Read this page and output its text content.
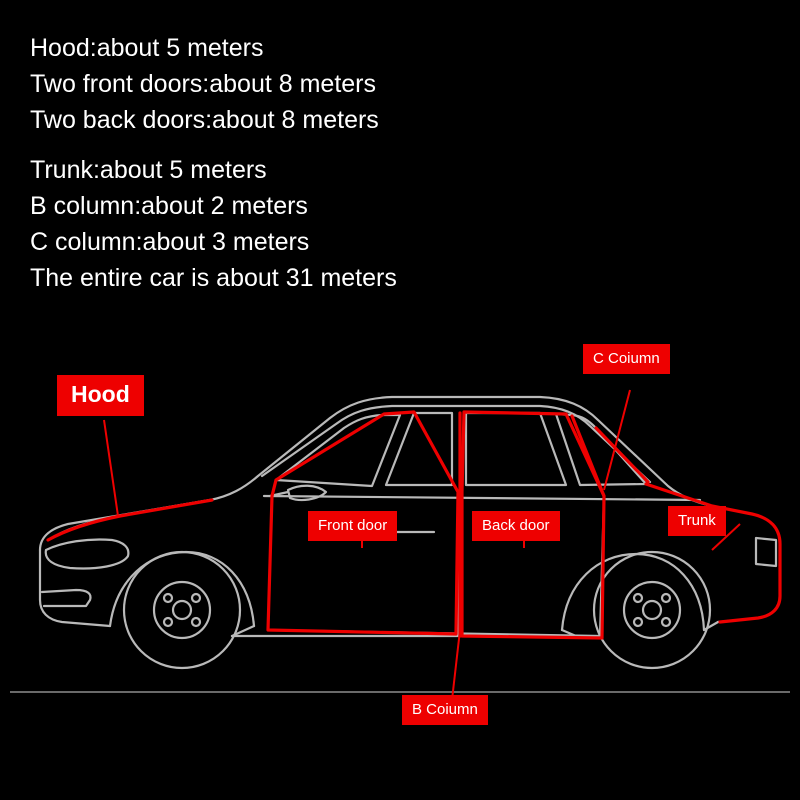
Hood:about 5 meters
Two front doors:about 8 meters
Two back doors:about 8 meters
Trunk:about 5 meters
B column:about 2 meters
C column:about 3 meters
The entire car is about 31 meters
Hood
C Coiumn
Front door	Back door	Trunk
B Coiumn
